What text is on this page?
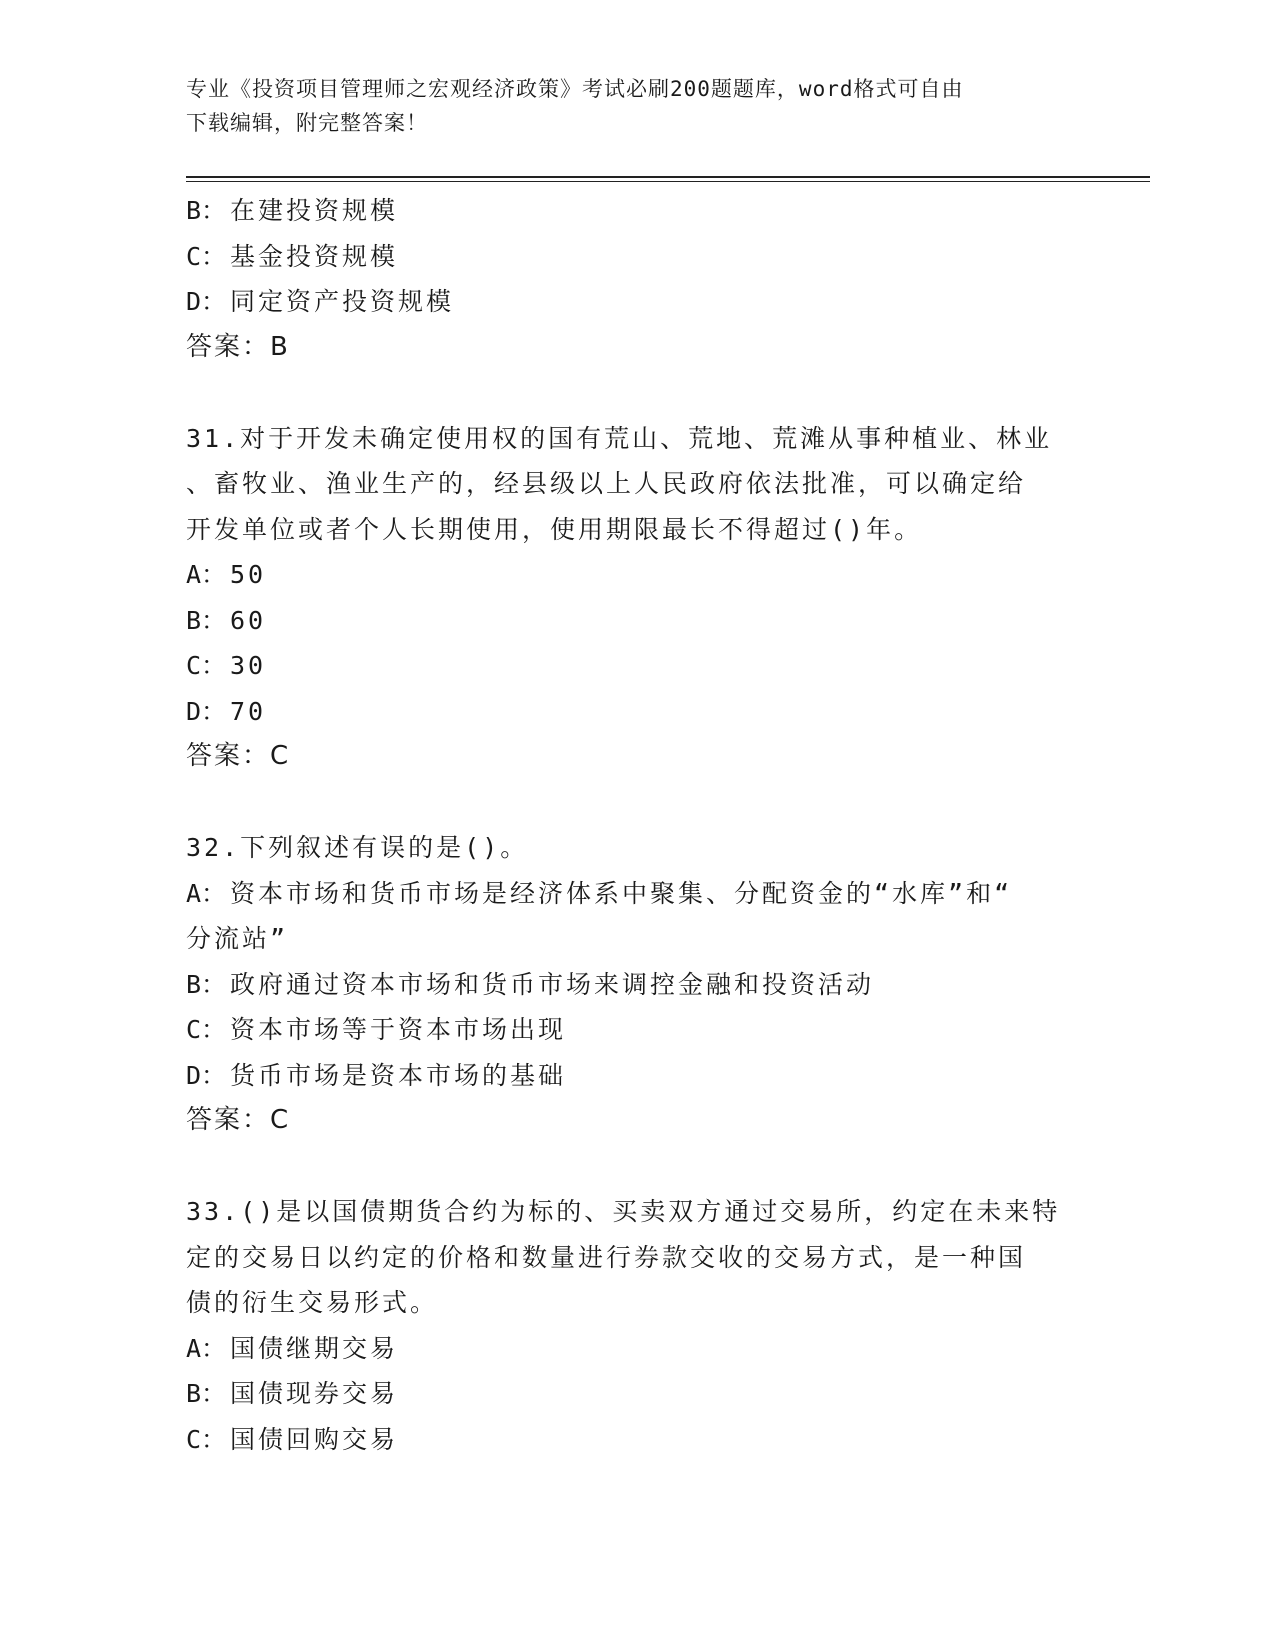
专业《投资项目管理师之宏观经济政策》考试必刷200题题库，word格式可自由
下载编辑，附完整答案！
B： 在建投资规模
C： 基金投资规模
D： 同定资产投资规模
答案：B
31.对于开发未确定使用权的国有荒山、荒地、荒滩从事种植业、林业
、畜牧业、渔业生产的，经县级以上人民政府依法批准，可以确定给
开发单位或者个人长期使用，使用期限最长不得超过()年。
A： 50
B： 60
C： 30
D： 70
答案：C
32.下列叙述有误的是()。
A： 资本市场和货币市场是经济体系中聚集、分配资金的“水库”和“
分流站”
B： 政府通过资本市场和货币市场来调控金融和投资活动
C： 资本市场等于资本市场出现
D： 货币市场是资本市场的基础
答案：C
33.()是以国债期货合约为标的、买卖双方通过交易所，约定在未来特
定的交易日以约定的价格和数量进行券款交收的交易方式，是一种国
债的衍生交易形式。
A： 国债继期交易
B： 国债现券交易
C： 国债回购交易
